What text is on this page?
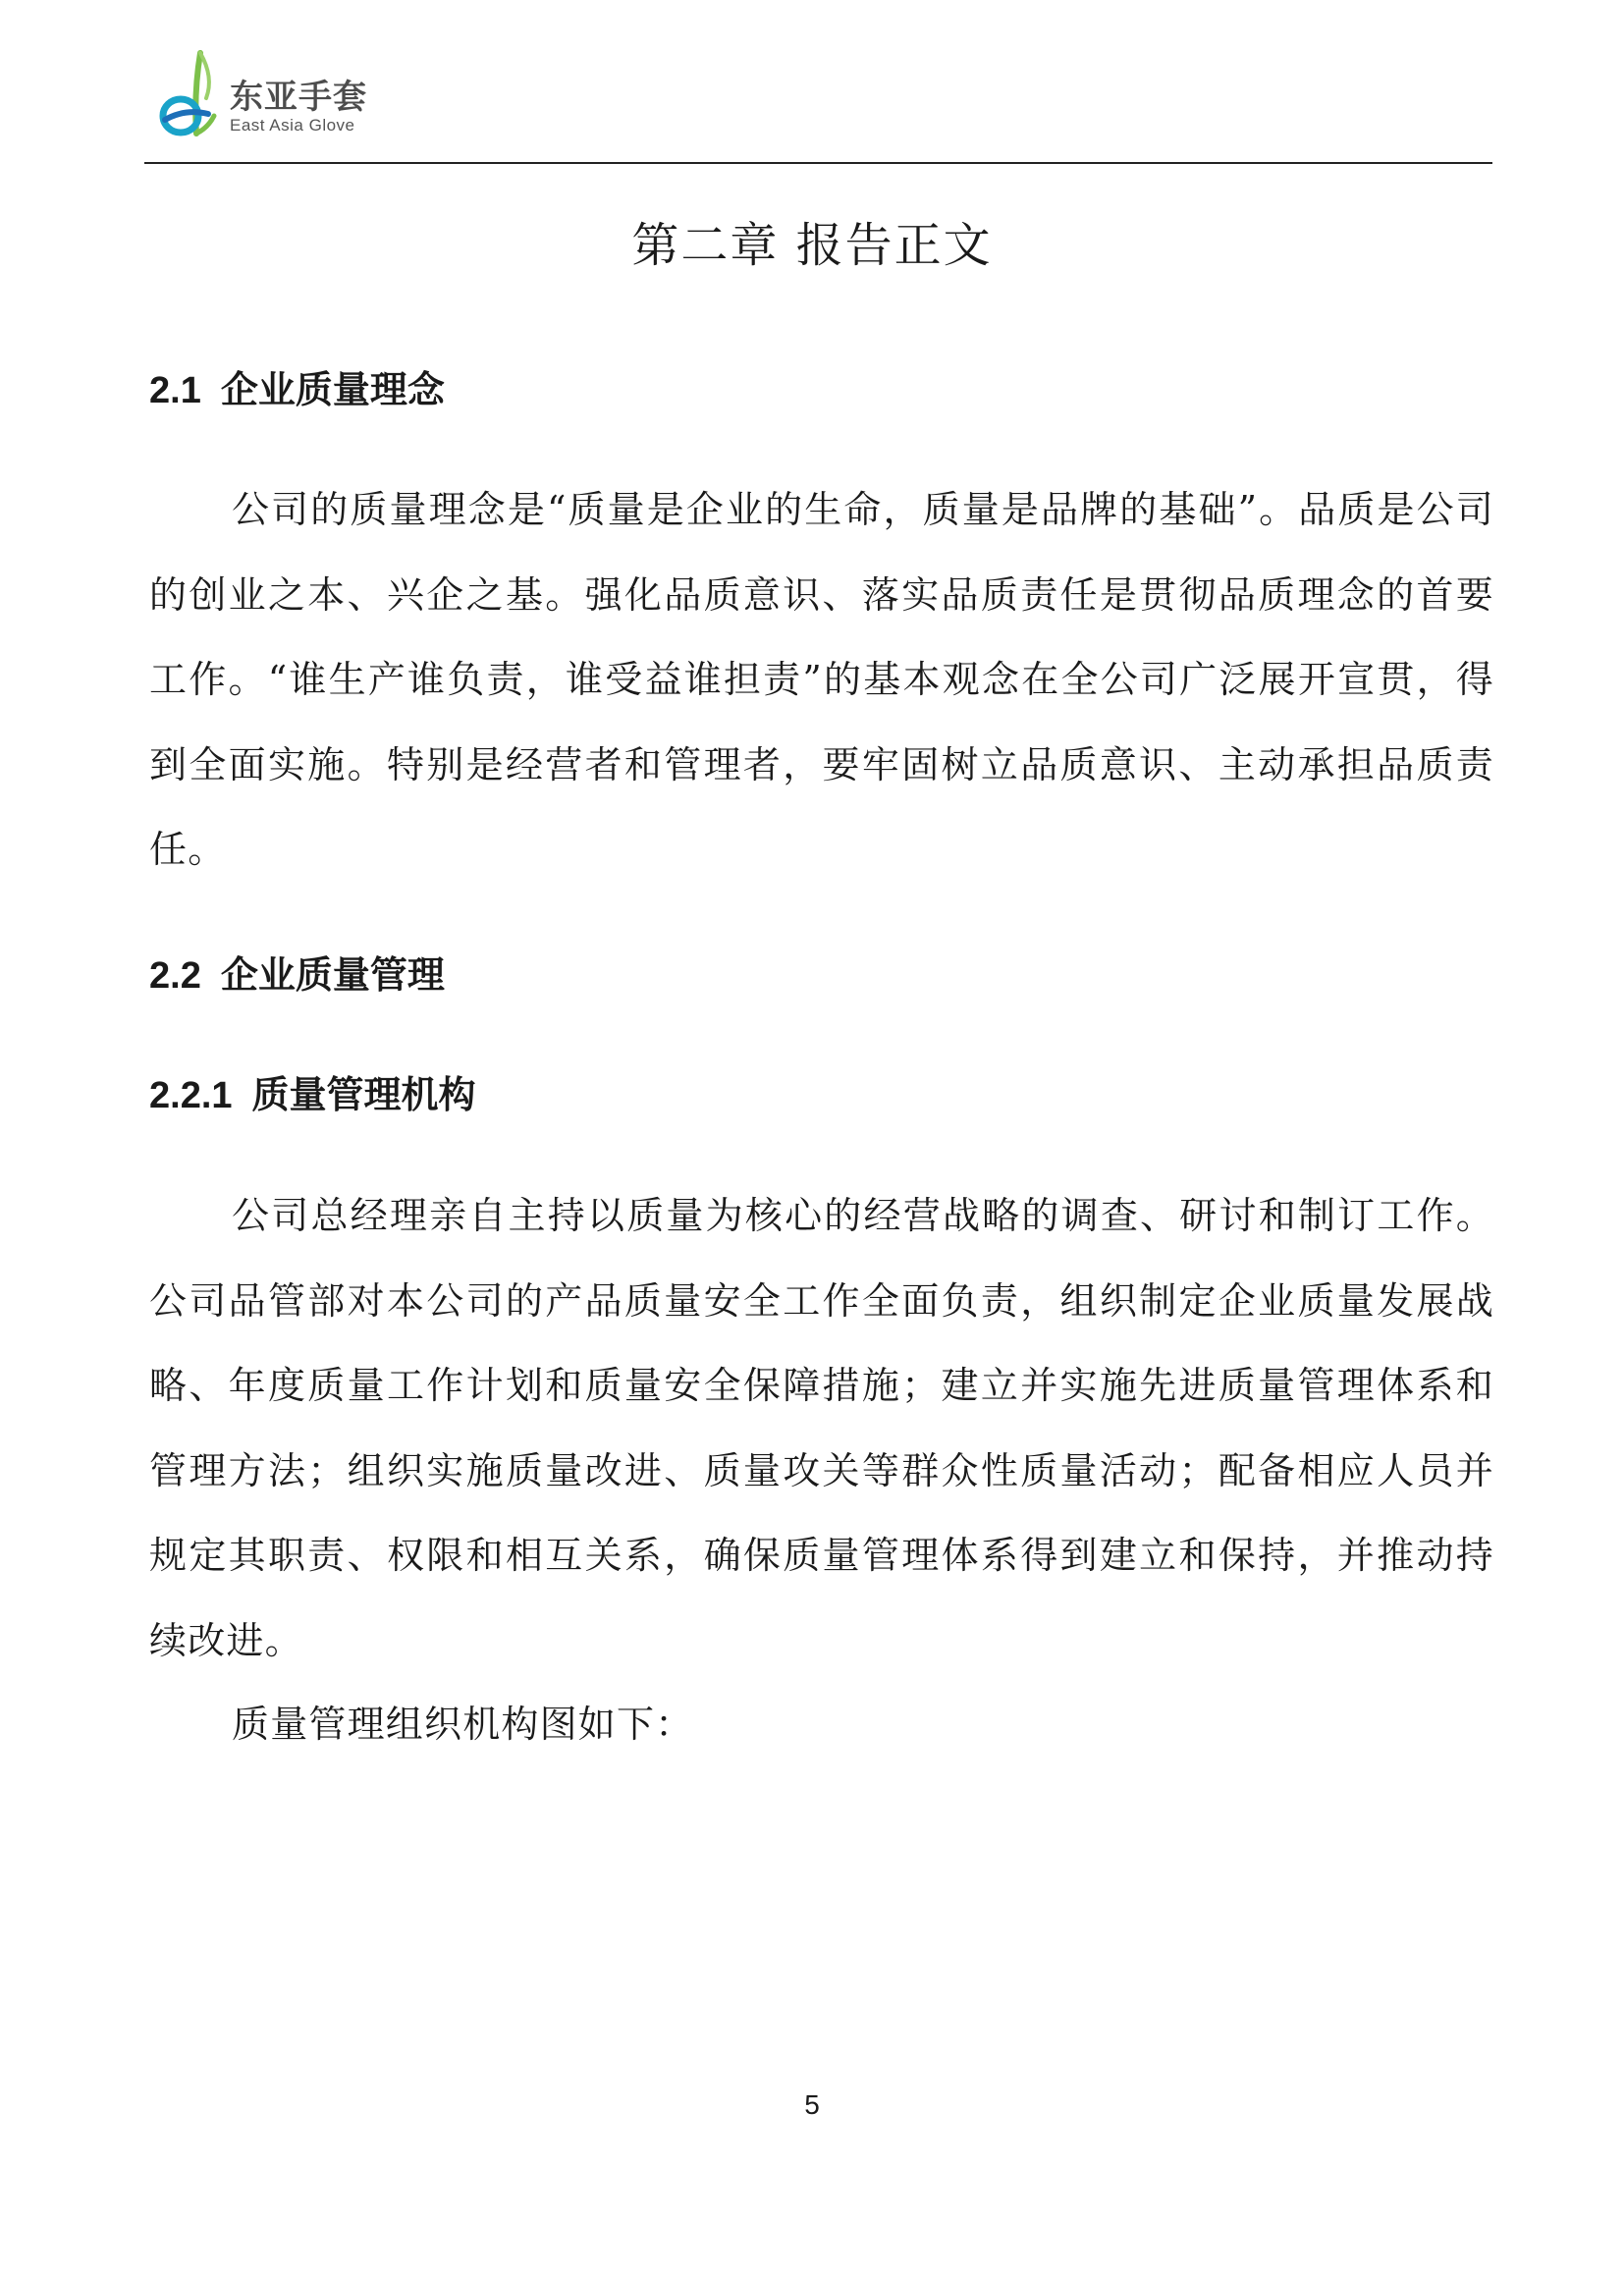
东亚手套
East Asia Glove
第二章 报告正文
2.1 企业质量理念

公司的质量理念是“质量是企业的生命，质量是品牌的基础”。品质是公司的创业之本、兴企之基。强化品质意识、落实品质责任是贯彻品质理念的首要工作。“谁生产谁负责，谁受益谁担责”的基本观念在全公司广泛展开宣贯，得到全面实施。特别是经营者和管理者，要牢固树立品质意识、主动承担品质责任。

2.2 企业质量管理
2.2.1 质量管理机构

公司总经理亲自主持以质量为核心的经营战略的调查、研讨和制订工作。公司品管部对本公司的产品质量安全工作全面负责，组织制定企业质量发展战略、年度质量工作计划和质量安全保障措施；建立并实施先进质量管理体系和管理方法；组织实施质量改进、质量攻关等群众性质量活动；配备相应人员并规定其职责、权限和相互关系，确保质量管理体系得到建立和保持，并推动持续改进。

质量管理组织机构图如下：

5
